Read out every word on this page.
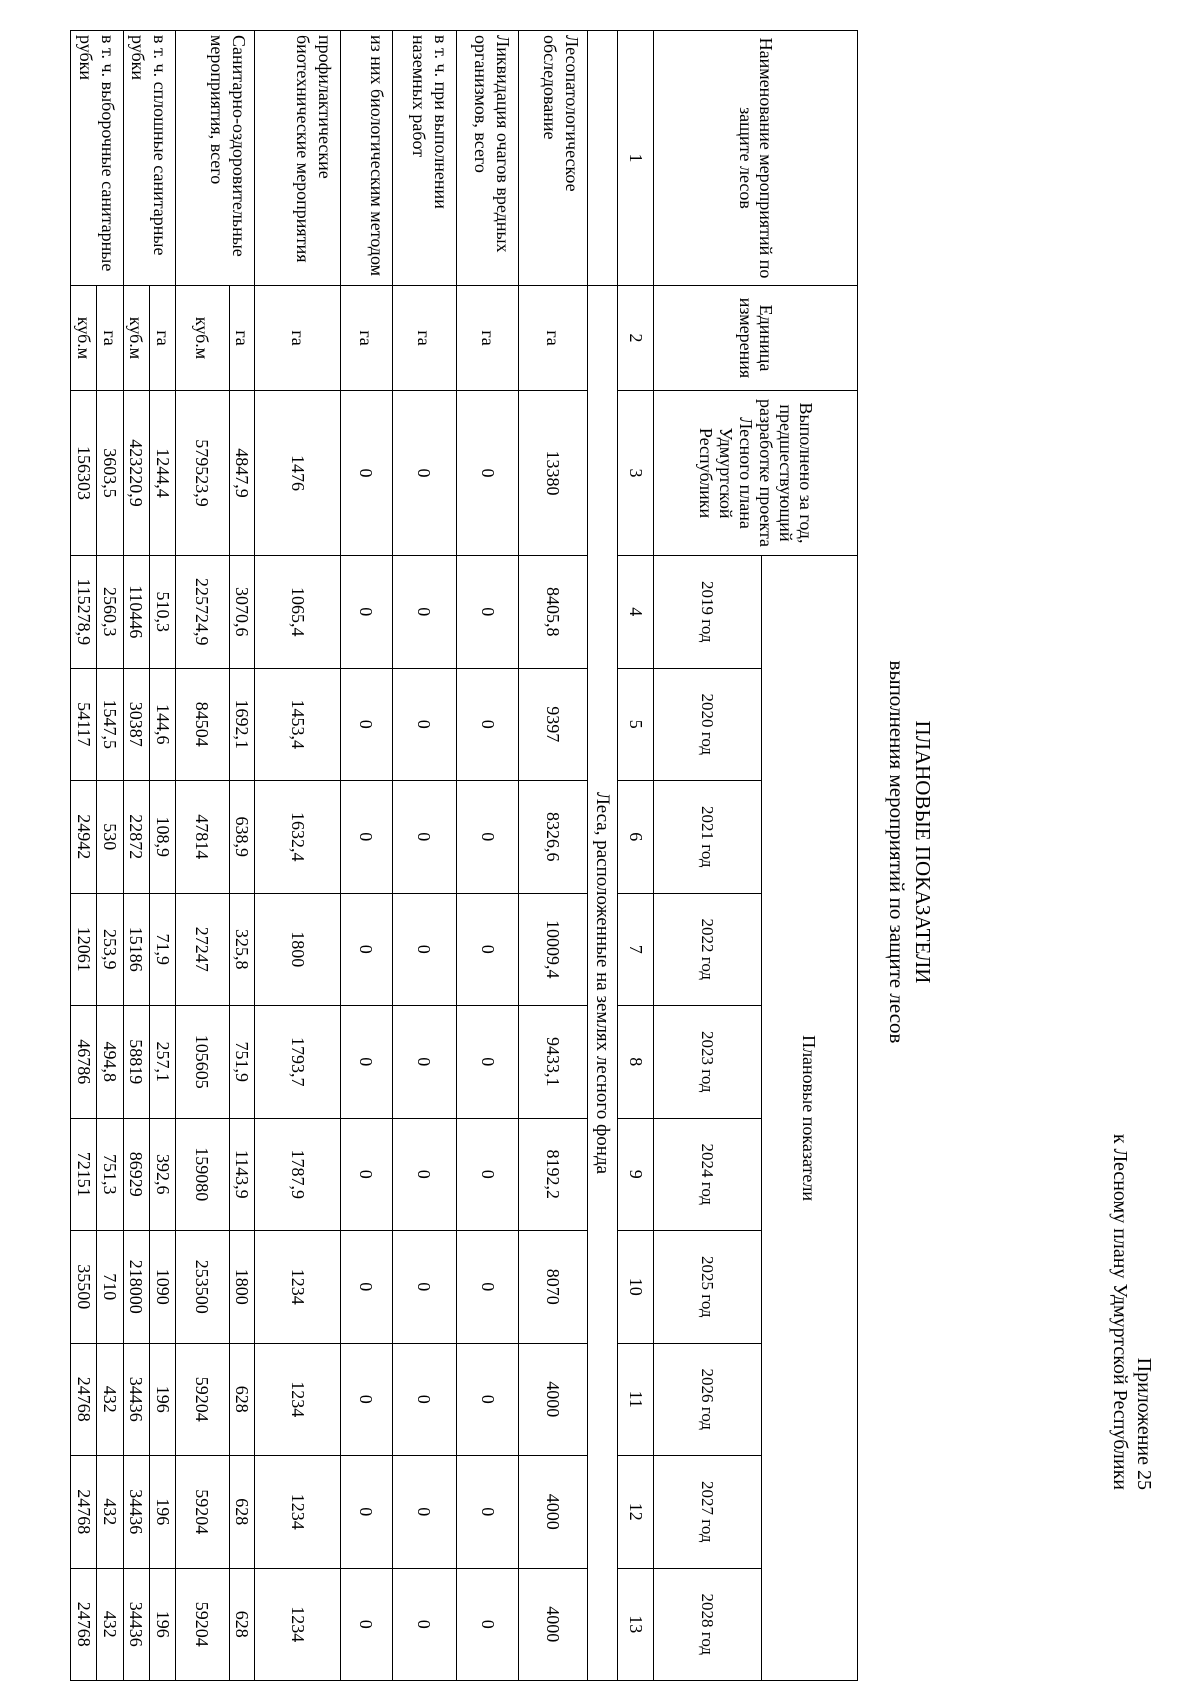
Приложение 25
к Лесному плану Удмуртской Республики
ПЛАНОВЫЕ ПОКАЗАТЕЛИ
выполнения мероприятий по защите лесов
Наименование мероприятий по защите лесов	Единица измерения	Выполнено за год, предшествующий разработке проекта Лесного плана Удмуртской Республики	Плановые показатели									
			2019 год	2020 год	2021 год	2022 год	2023 год	2024 год	2025 год	2026 год	2027 год	2028 год
1	2	3	4	5	6	7	8	9	10	11	12	13
	Леса, расположенные на землях лесного фонда											
Лесопатологическое обследование	га	13380	8405,8	9397	8326,6	10009,4	9433,1	8192,2	8070	4000	4000	4000
Ликвидация очагов вредных организмов, всего	га	0	0	0	0	0	0	0	0	0	0	0
в т. ч. при выполнении наземных работ	га	0	0	0	0	0	0	0	0	0	0	0
из них биологическим методом	га	0	0	0	0	0	0	0	0	0	0	0
профилактические биотехнические мероприятия	га	1476	1065,4	1453,4	1632,4	1800	1793,7	1787,9	1234	1234	1234	1234
Санитарно-оздоровительные мероприятия, всего	га	4847,9	3070,6	1692,1	638,9	325,8	751,9	1143,9	1800	628	628	628
	куб.м	579523,9	225724,9	84504	47814	27247	105605	159080	253500	59204	59204	59204
в т. ч. сплошные санитарные рубки	га	1244,4	510,3	144,6	108,9	71,9	257,1	392,6	1090	196	196	196
	куб.м	423220,9	110446	30387	22872	15186	58819	86929	218000	34436	34436	34436
в т. ч. выборочные санитарные рубки	га	3603,5	2560,3	1547,5	530	253,9	494,8	751,3	710	432	432	432
	куб.м	156303	115278,9	54117	24942	12061	46786	72151	35500	24768	24768	24768
